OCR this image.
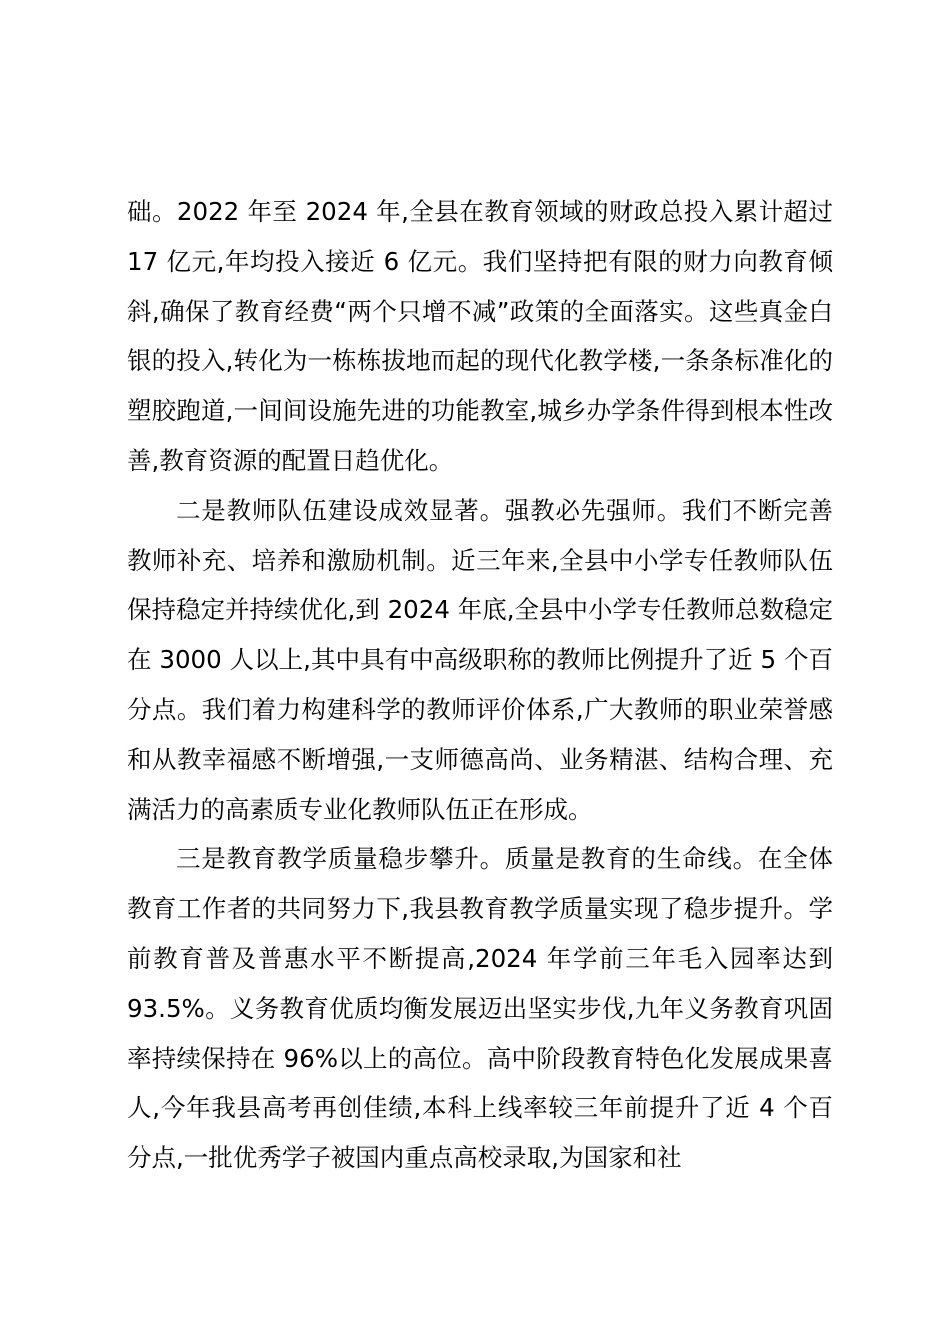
础。2022 年至 2024 年,全县在教育领域的财政总投入累计超过 17 亿元,年均投入接近 6 亿元。我们坚持把有限的财力向教育倾斜,确保了教育经费“两个只增不减”政策的全面落实。这些真金白银的投入,转化为一栋栋拔地而起的现代化教学楼,一条条标准化的塑胶跑道,一间间设施先进的功能教室,城乡办学条件得到根本性改善,教育资源的配置日趋优化。

二是教师队伍建设成效显著。强教必先强师。我们不断完善教师补充、培养和激励机制。近三年来,全县中小学专任教师队伍保持稳定并持续优化,到 2024 年底,全县中小学专任教师总数稳定在 3000 人以上,其中具有中高级职称的教师比例提升了近 5 个百分点。我们着力构建科学的教师评价体系,广大教师的职业荣誉感和从教幸福感不断增强,一支师德高尚、业务精湛、结构合理、充满活力的高素质专业化教师队伍正在形成。

三是教育教学质量稳步攀升。质量是教育的生命线。在全体教育工作者的共同努力下,我县教育教学质量实现了稳步提升。学前教育普及普惠水平不断提高,2024 年学前三年毛入园率达到 93.5%。义务教育优质均衡发展迈出坚实步伐,九年义务教育巩固率持续保持在 96%以上的高位。高中阶段教育特色化发展成果喜人,今年我县高考再创佳绩,本科上线率较三年前提升了近 4 个百分点,一批优秀学子被国内重点高校录取,为国家和社
